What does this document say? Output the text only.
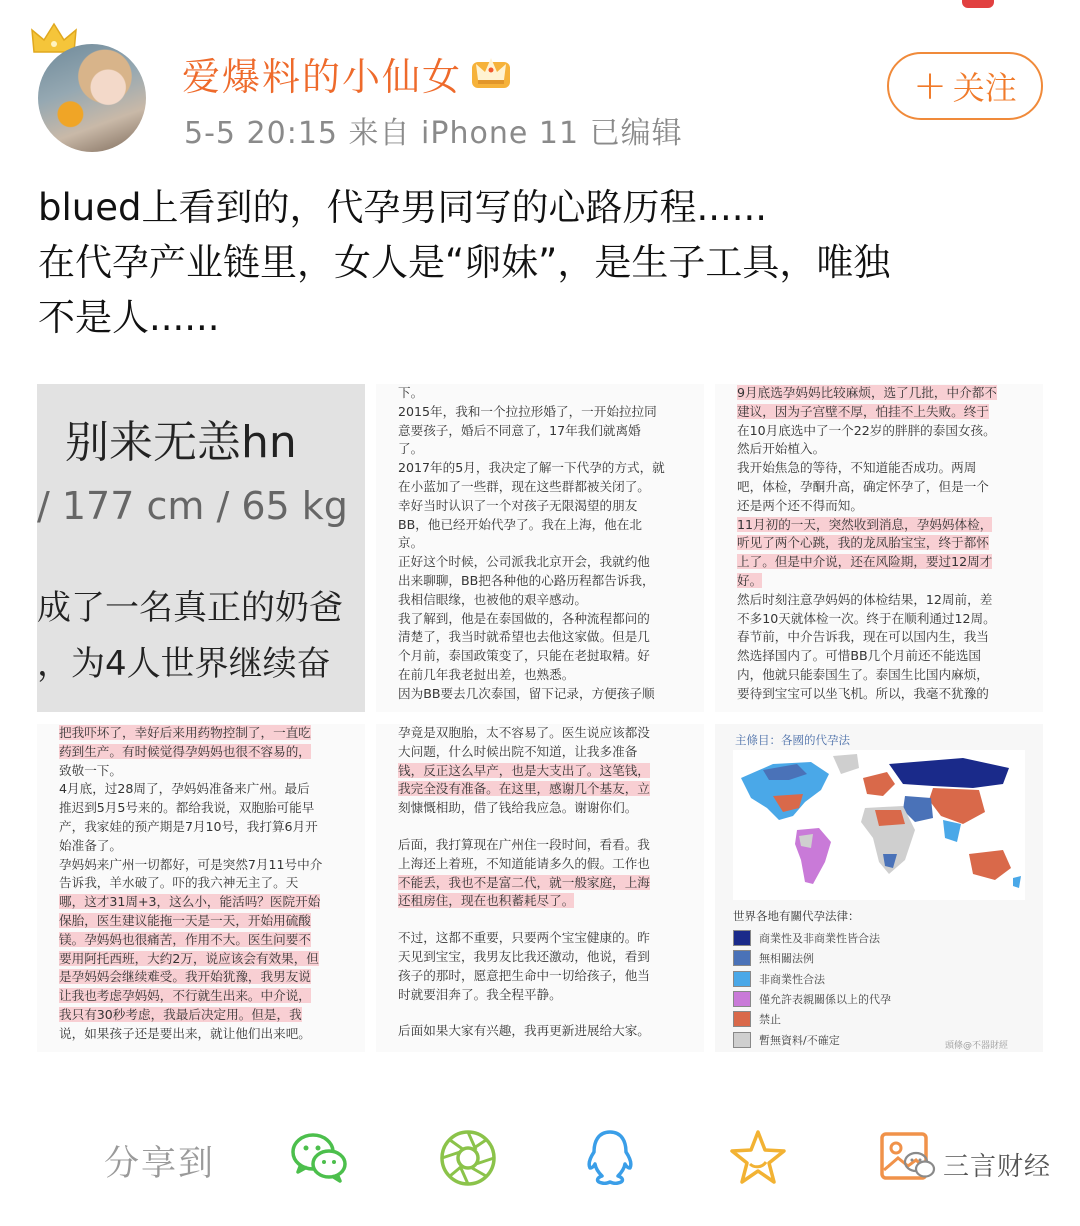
爱爆料的小仙女
5-5 20:15 来自 iPhone 11 已编辑
+ 关注

blued上看到的，代孕男同写的心路历程......

在代孕产业链里，女人是“卵妹”，是生子工具，唯独

不是人......

别来无恙hn
/ 177 cm / 65 kg
成了一名真正的奶爸
，为4人世界继续奋

下。

2015年，我和一个拉拉形婚了，一开始拉拉同

意要孩子，婚后不同意了，17年我们就离婚

了。

2017年的5月，我决定了解一下代孕的方式，就

在小蓝加了一些群，现在这些群都被关闭了。

幸好当时认识了一个对孩子无限渴望的朋友

BB，他已经开始代孕了。我在上海，他在北

京。

正好这个时候，公司派我北京开会，我就约他

出来聊聊，BB把各种他的心路历程都告诉我，

我相信眼缘，也被他的艰辛感动。

我了解到，他是在泰国做的，各种流程都问的

清楚了，我当时就希望也去他这家做。但是几

个月前，泰国政策变了，只能在老挝取精。好

在前几年我老挝出差，也熟悉。

因为BB要去几次泰国，留下记录，方便孩子顺

9月底选孕妈妈比较麻烦，选了几批，中介都不

建议，因为子宫壁不厚，怕挂不上失败。终于

在10月底选中了一个22岁的胖胖的泰国女孩。

然后开始植入。

我开始焦急的等待，不知道能否成功。两周

吧，体检，孕酮升高，确定怀孕了，但是一个

还是两个还不得而知。

11月初的一天，突然收到消息，孕妈妈体检，

听见了两个心跳，我的龙凤胎宝宝，终于都怀

上了。但是中介说，还在风险期，要过12周才

好。

然后时刻注意孕妈妈的体检结果，12周前，差

不多10天就体检一次。终于在顺利通过12周。

春节前，中介告诉我，现在可以国内生，我当

然选择国内了。可惜BB几个月前还不能选国

内，他就只能泰国生了。泰国生比国内麻烦，

要待到宝宝可以坐飞机。所以，我毫不犹豫的

把我吓坏了，幸好后来用药物控制了，一直吃

药到生产。有时候觉得孕妈妈也很不容易的，

致敬一下。

4月底，过28周了，孕妈妈准备来广州。最后

推迟到5月5号来的。都给我说，双胞胎可能早

产，我家娃的预产期是7月10号，我打算6月开

始准备了。

孕妈妈来广州一切都好，可是突然7月11号中介

告诉我，羊水破了。吓的我六神无主了。天

哪，这才31周+3，这么小，能活吗？医院开始

保胎，医生建议能拖一天是一天，开始用硫酸

镁。孕妈妈也很痛苦，作用不大。医生问要不

要用阿托西班，大约2万，说应该会有效果，但

是孕妈妈会继续难受。我开始犹豫，我男友说

让我也考虑孕妈妈，不行就生出来。中介说，

我只有30秒考虑，我最后决定用。但是，我

说，如果孩子还是要出来，就让他们出来吧。

孕竟是双胞胎，太不容易了。医生说应该都没

大问题，什么时候出院不知道，让我多准备

钱，反正这么早产，也是大支出了。这笔钱，

我完全没有准备。在这里，感谢几个基友，立

刻慷慨相助，借了钱给我应急。谢谢你们。

后面，我打算现在广州住一段时间，看看。我

上海还上着班，不知道能请多久的假。工作也

不能丢，我也不是富二代，就一般家庭，上海

还租房住，现在也积蓄耗尽了。

不过，这都不重要，只要两个宝宝健康的。昨

天见到宝宝，我男友比我还激动，他说，看到

孩子的那时，愿意把生命中一切给孩子，他当

时就要泪奔了。我全程平静。

后面如果大家有兴趣，我再更新进展给大家。

主條目：各國的代孕法
世界各地有關代孕法律：
商業性及非商業性皆合法
無相關法例
非商業性合法
僅允許表親關係以上的代孕
禁止
暫無資料/不確定	頭條@不器財經
分享到	三言财经
